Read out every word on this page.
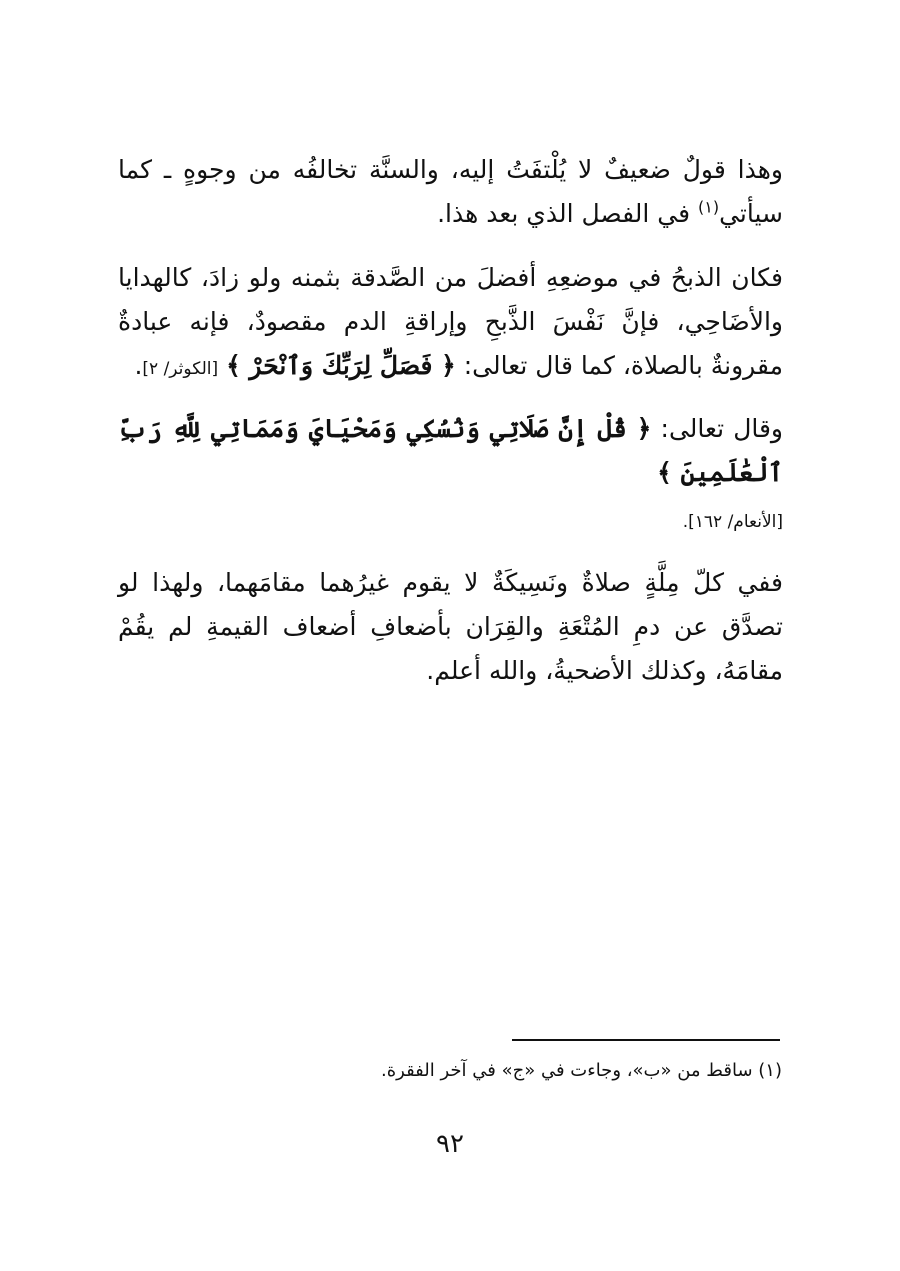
وهذا قولٌ ضعيفٌ لا يُلْتفَتُ إليه، والسنَّة تخالفُه من وجوهٍ ـ كما سيأتي$^{(١)}$ في الفصل الذي بعد هذا.

فكان الذبحُ في موضعِهِ أفضلَ من الصَّدقة بثمنه ولو زادَ، كالهدايا والأضَاحِي، فإنَّ نَفْسَ الذَّبحِ وإراقةِ الدم مقصودٌ، فإنه عبادةٌ مقرونةٌ بالصلاة، كما قال تعالى: ﴿ فَصَلِّ لِرَبِّكَ وَٱنْحَرْ ﴾ [الكوثر/ ٢].

وقال تعالى: ﴿ قُلْ إِنَّ صَلَاتِي وَنُسُكِي وَمَحْيَايَ وَمَمَاتِي لِلَّهِ رَبِّ ٱلْعَٰلَمِينَ ﴾

[الأنعام/ ١٦٢].

ففي كلّ مِلَّةٍ صلاةٌ ونَسِيكَةٌ لا يقوم غيرُهما مقامَهما، ولهذا لو تصدَّق عن دمِ المُتْعَةِ والقِرَان بأضعافِ أضعاف القيمةِ لم يقُمْ مقامَهُ، وكذلك الأضحيةُ، والله أعلم.

(١) ساقط من «ب»، وجاءت في «ج» في آخر الفقرة.
٩٢
